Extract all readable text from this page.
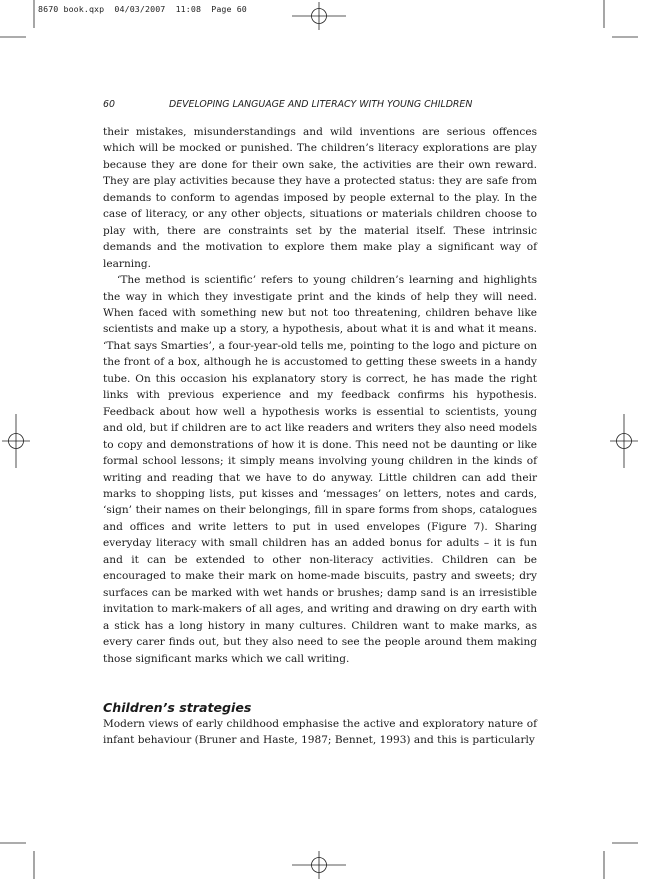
8670 book.qxp  04/03/2007  11:08  Page 60
60	DEVELOPING LANGUAGE AND LITERACY WITH YOUNG CHILDREN

their mistakes, misunderstandings and wild inventions are serious offences which will be mocked or punished. The children’s literacy explorations are play because they are done for their own sake, the activities are their own reward. They are play activities because they have a protected status: they are safe from demands to conform to agendas imposed by people external to the play. In the case of literacy, or any other objects, situations or materials children choose to play with, there are constraints set by the material itself. These intrinsic demands and the motivation to explore them make play a significant way of learning.

‘The method is scientific’ refers to young children’s learning and highlights the way in which they investigate print and the kinds of help they will need. When faced with something new but not too threatening, children behave like scientists and make up a story, a hypothesis, about what it is and what it means. ‘That says Smarties’, a four-year-old tells me, pointing to the logo and picture on the front of a box, although he is accustomed to getting these sweets in a handy tube. On this occasion his explanatory story is correct, he has made the right links with previous experience and my feedback confirms his hypothesis. Feedback about how well a hypothesis works is essential to scientists, young and old, but if children are to act like readers and writers they also need models to copy and demonstrations of how it is done. This need not be daunting or like formal school lessons; it simply means involving young children in the kinds of writing and reading that we have to do anyway. Little children can add their marks to shopping lists, put kisses and ‘messages’ on letters, notes and cards, ‘sign’ their names on their belongings, fill in spare forms from shops, catalogues and offices and write letters to put in used envelopes (Figure 7). Sharing everyday literacy with small children has an added bonus for adults – it is fun and it can be extended to other non-literacy activities. Children can be encouraged to make their mark on home-made biscuits, pastry and sweets; dry surfaces can be marked with wet hands or brushes; damp sand is an irresistible invitation to mark-makers of all ages, and writing and drawing on dry earth with a stick has a long history in many cultures. Children want to make marks, as every carer finds out, but they also need to see the people around them making those significant marks which we call writing.

Children’s strategies

Modern views of early childhood emphasise the active and exploratory nature of infant behaviour (Bruner and Haste, 1987; Bennet, 1993) and this is particularly
